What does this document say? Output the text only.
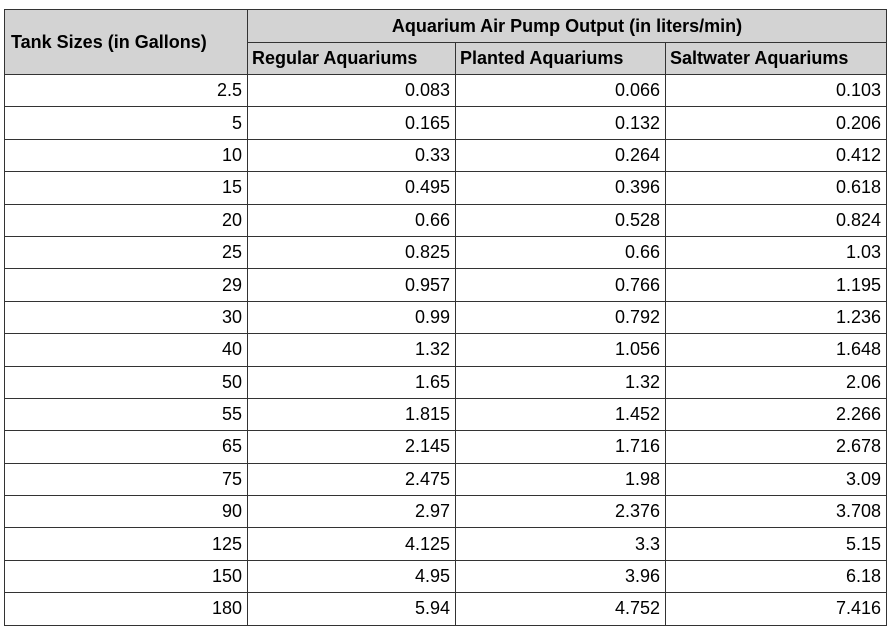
Tank Sizes (in Gallons)	Aquarium Air Pump Output (in liters/min)		
	Regular Aquariums	Planted Aquariums	Saltwater Aquariums
2.5	0.083	0.066	0.103
5	0.165	0.132	0.206
10	0.33	0.264	0.412
15	0.495	0.396	0.618
20	0.66	0.528	0.824
25	0.825	0.66	1.03
29	0.957	0.766	1.195
30	0.99	0.792	1.236
40	1.32	1.056	1.648
50	1.65	1.32	2.06
55	1.815	1.452	2.266
65	2.145	1.716	2.678
75	2.475	1.98	3.09
90	2.97	2.376	3.708
125	4.125	3.3	5.15
150	4.95	3.96	6.18
180	5.94	4.752	7.416
